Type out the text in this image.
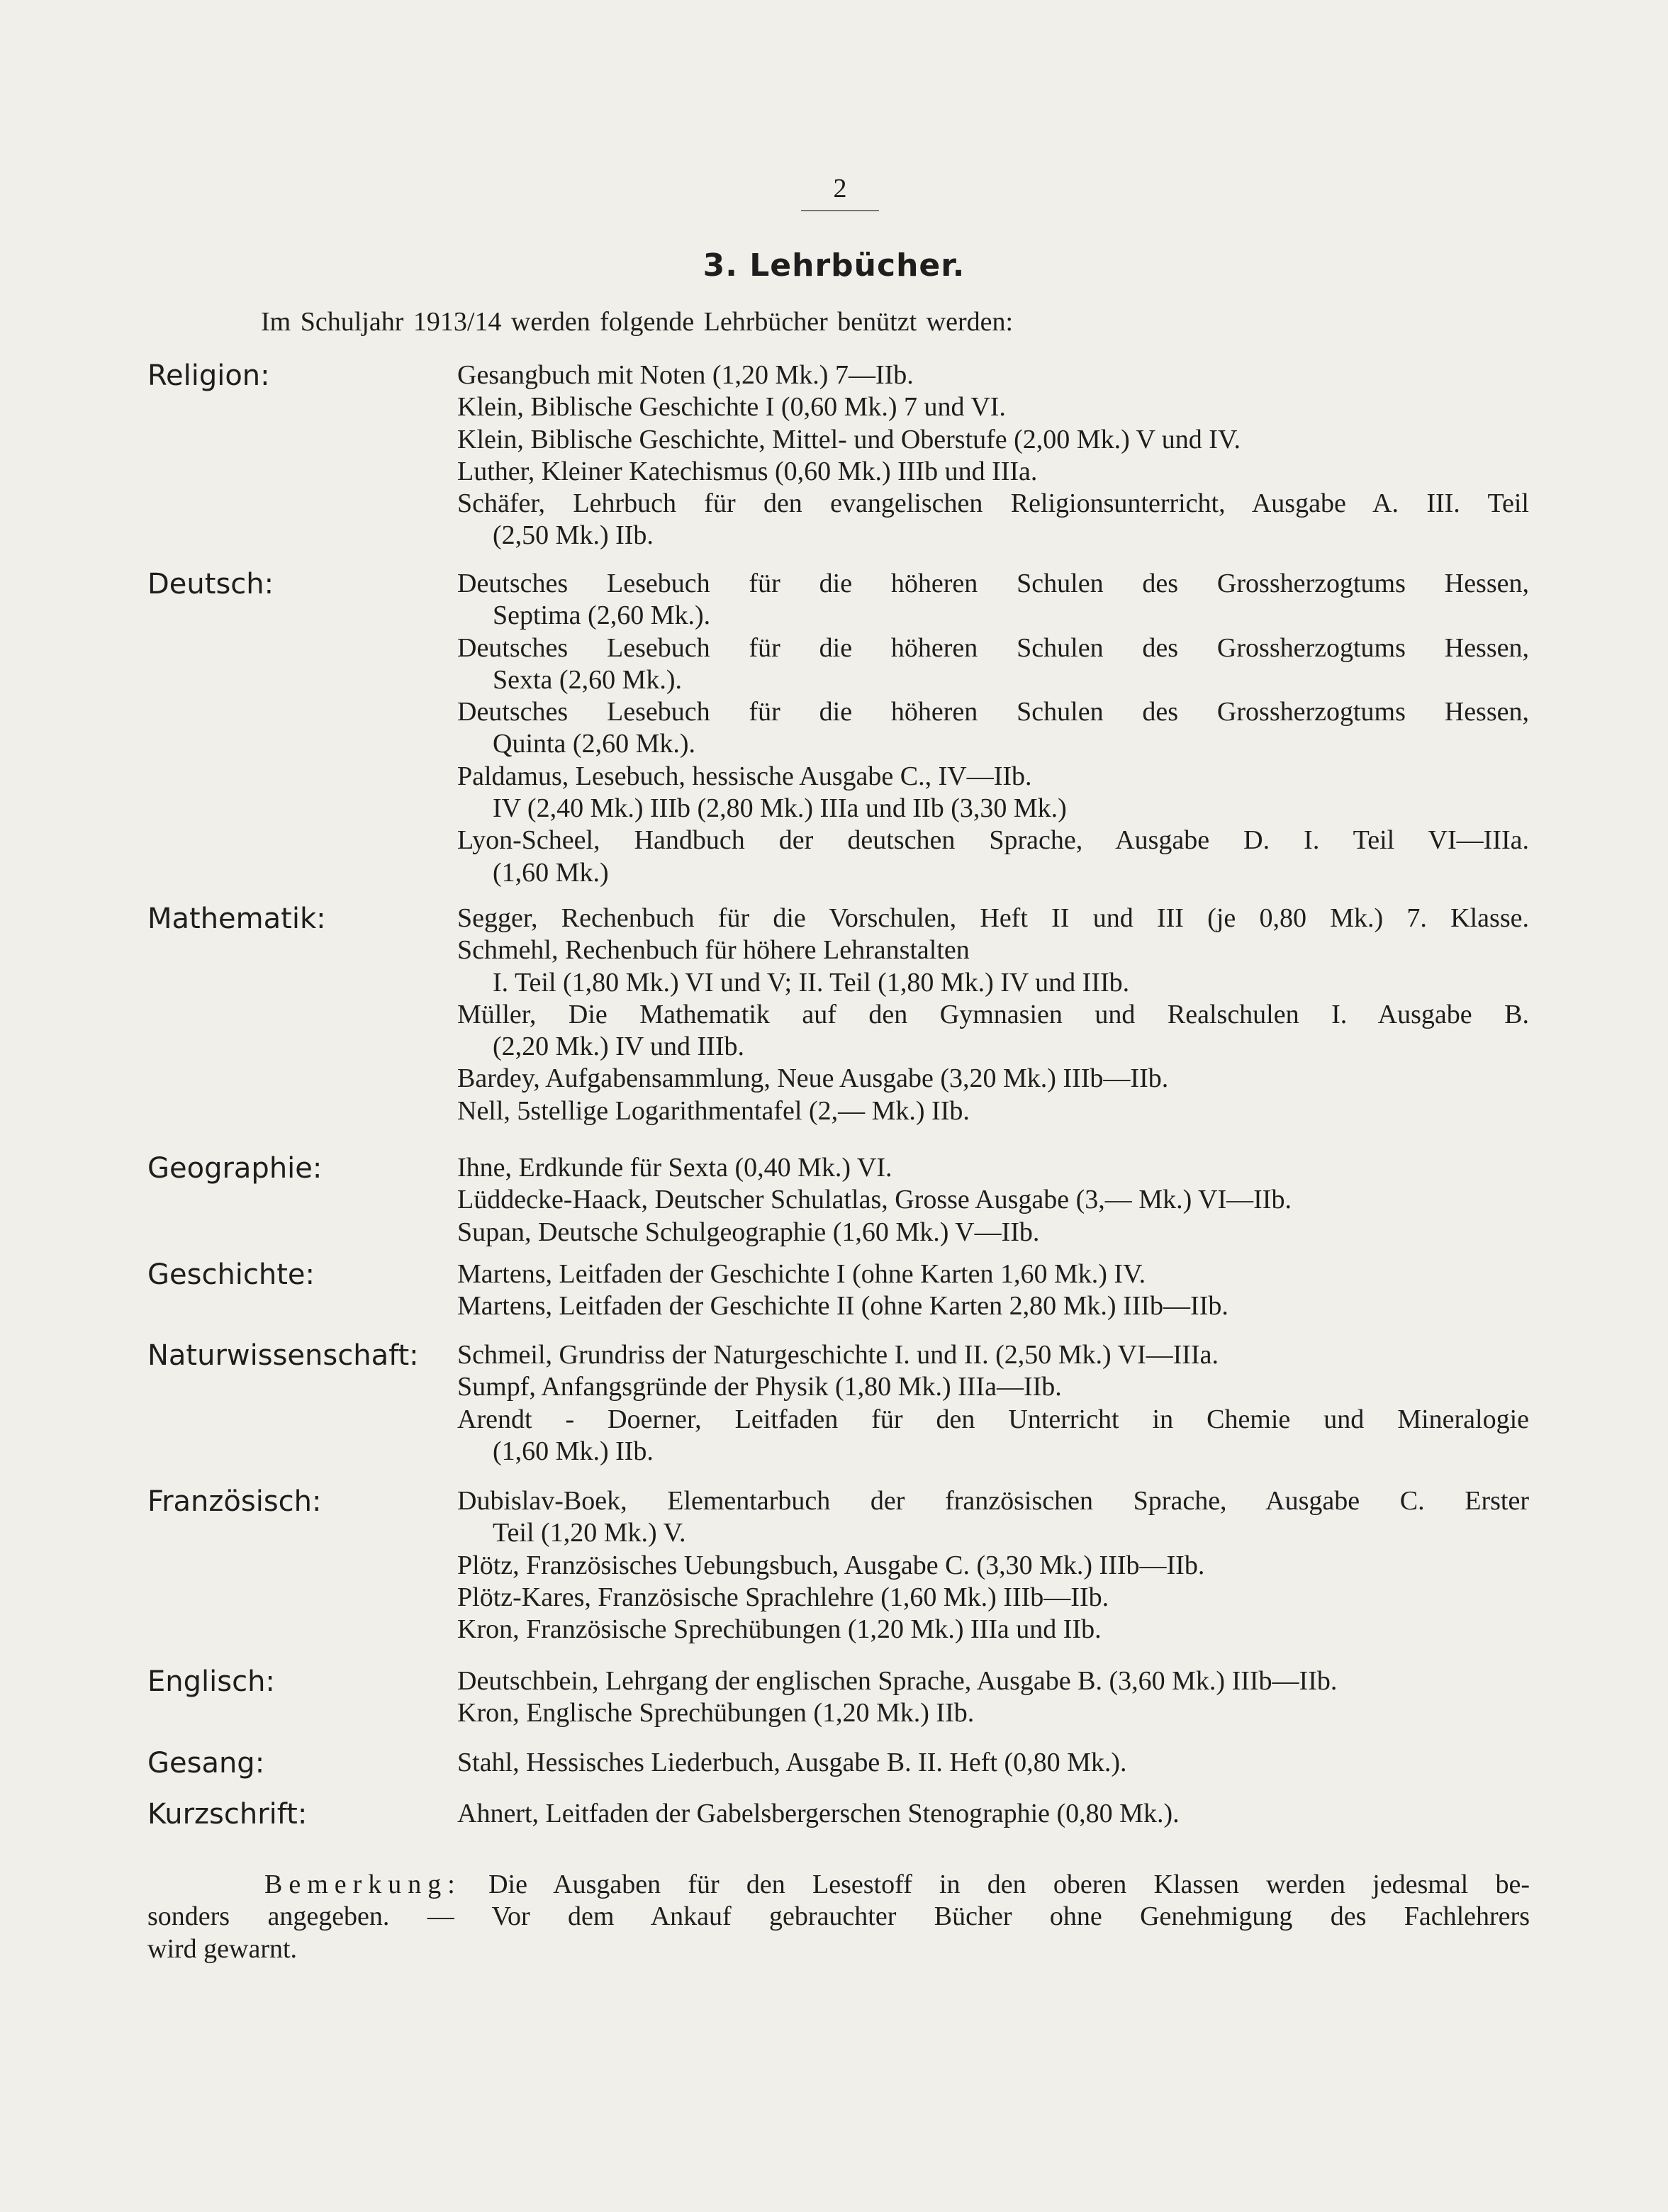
2
3. Lehrbücher.
Im Schuljahr 1913/14 werden folgende Lehrbücher benützt werden:
Religion:	Gesangbuch mit Noten (1,20 Mk.) 7—IIb.
Klein, Biblische Geschichte I (0,60 Mk.) 7 und VI.
Klein, Biblische Geschichte, Mittel- und Oberstufe (2,00 Mk.) V und IV.
Luther, Kleiner Katechismus (0,60 Mk.) IIIb und IIIa.
Schäfer, Lehrbuch für den evangelischen Religionsunterricht, Ausgabe A. III. Teil
(2,50 Mk.) IIb.
Deutsch:	Deutsches Lesebuch für die höheren Schulen des Grossherzogtums Hessen,
Septima (2,60 Mk.).
Deutsches Lesebuch für die höheren Schulen des Grossherzogtums Hessen,
Sexta (2,60 Mk.).
Deutsches Lesebuch für die höheren Schulen des Grossherzogtums Hessen,
Quinta (2,60 Mk.).
Paldamus, Lesebuch, hessische Ausgabe C., IV—IIb.
IV (2,40 Mk.) IIIb (2,80 Mk.) IIIa und IIb (3,30 Mk.)
Lyon-Scheel, Handbuch der deutschen Sprache, Ausgabe D. I. Teil VI—IIIa.
(1,60 Mk.)
Mathematik:	Segger, Rechenbuch für die Vorschulen, Heft II und III (je 0,80 Mk.) 7. Klasse.
Schmehl, Rechenbuch für höhere Lehranstalten
I. Teil (1,80 Mk.) VI und V; II. Teil (1,80 Mk.) IV und IIIb.
Müller, Die Mathematik auf den Gymnasien und Realschulen I. Ausgabe B.
(2,20 Mk.) IV und IIIb.
Bardey, Aufgabensammlung, Neue Ausgabe (3,20 Mk.) IIIb—IIb.
Nell, 5stellige Logarithmentafel (2,— Mk.) IIb.
Geographie:	Ihne, Erdkunde für Sexta (0,40 Mk.) VI.
Lüddecke-Haack, Deutscher Schulatlas, Grosse Ausgabe (3,— Mk.) VI—IIb.
Supan, Deutsche Schulgeographie (1,60 Mk.) V—IIb.
Geschichte:	Martens, Leitfaden der Geschichte I (ohne Karten 1,60 Mk.) IV.
Martens, Leitfaden der Geschichte II (ohne Karten 2,80 Mk.) IIIb—IIb.
Naturwissenschaft: Schmeil, Grundriss der Naturgeschichte I. und II. (2,50 Mk.) VI—IIIa.
Sumpf, Anfangsgründe der Physik (1,80 Mk.) IIIa—IIb.
Arendt - Doerner, Leitfaden für den Unterricht in Chemie und Mineralogie
(1,60 Mk.) IIb.
Französisch:	Dubislav-Boek, Elementarbuch der französischen Sprache, Ausgabe C. Erster
Teil (1,20 Mk.) V.
Plötz, Französisches Uebungsbuch, Ausgabe C. (3,30 Mk.) IIIb—IIb.
Plötz-Kares, Französische Sprachlehre (1,60 Mk.) IIIb—IIb.
Kron, Französische Sprechübungen (1,20 Mk.) IIIa und IIb.
Englisch:	Deutschbein, Lehrgang der englischen Sprache, Ausgabe B. (3,60 Mk.) IIIb—IIb.
Kron, Englische Sprechübungen (1,20 Mk.) IIb.
Gesang:	Stahl, Hessisches Liederbuch, Ausgabe B. II. Heft (0,80 Mk.).
Kurzschrift:	Ahnert, Leitfaden der Gabelsbergerschen Stenographie (0,80 Mk.).
Bemerkung: Die Ausgaben für den Lesestoff in den oberen Klassen werden jedesmal be-
sonders angegeben. — Vor dem Ankauf gebrauchter Bücher ohne Genehmigung des Fachlehrers
wird gewarnt.
